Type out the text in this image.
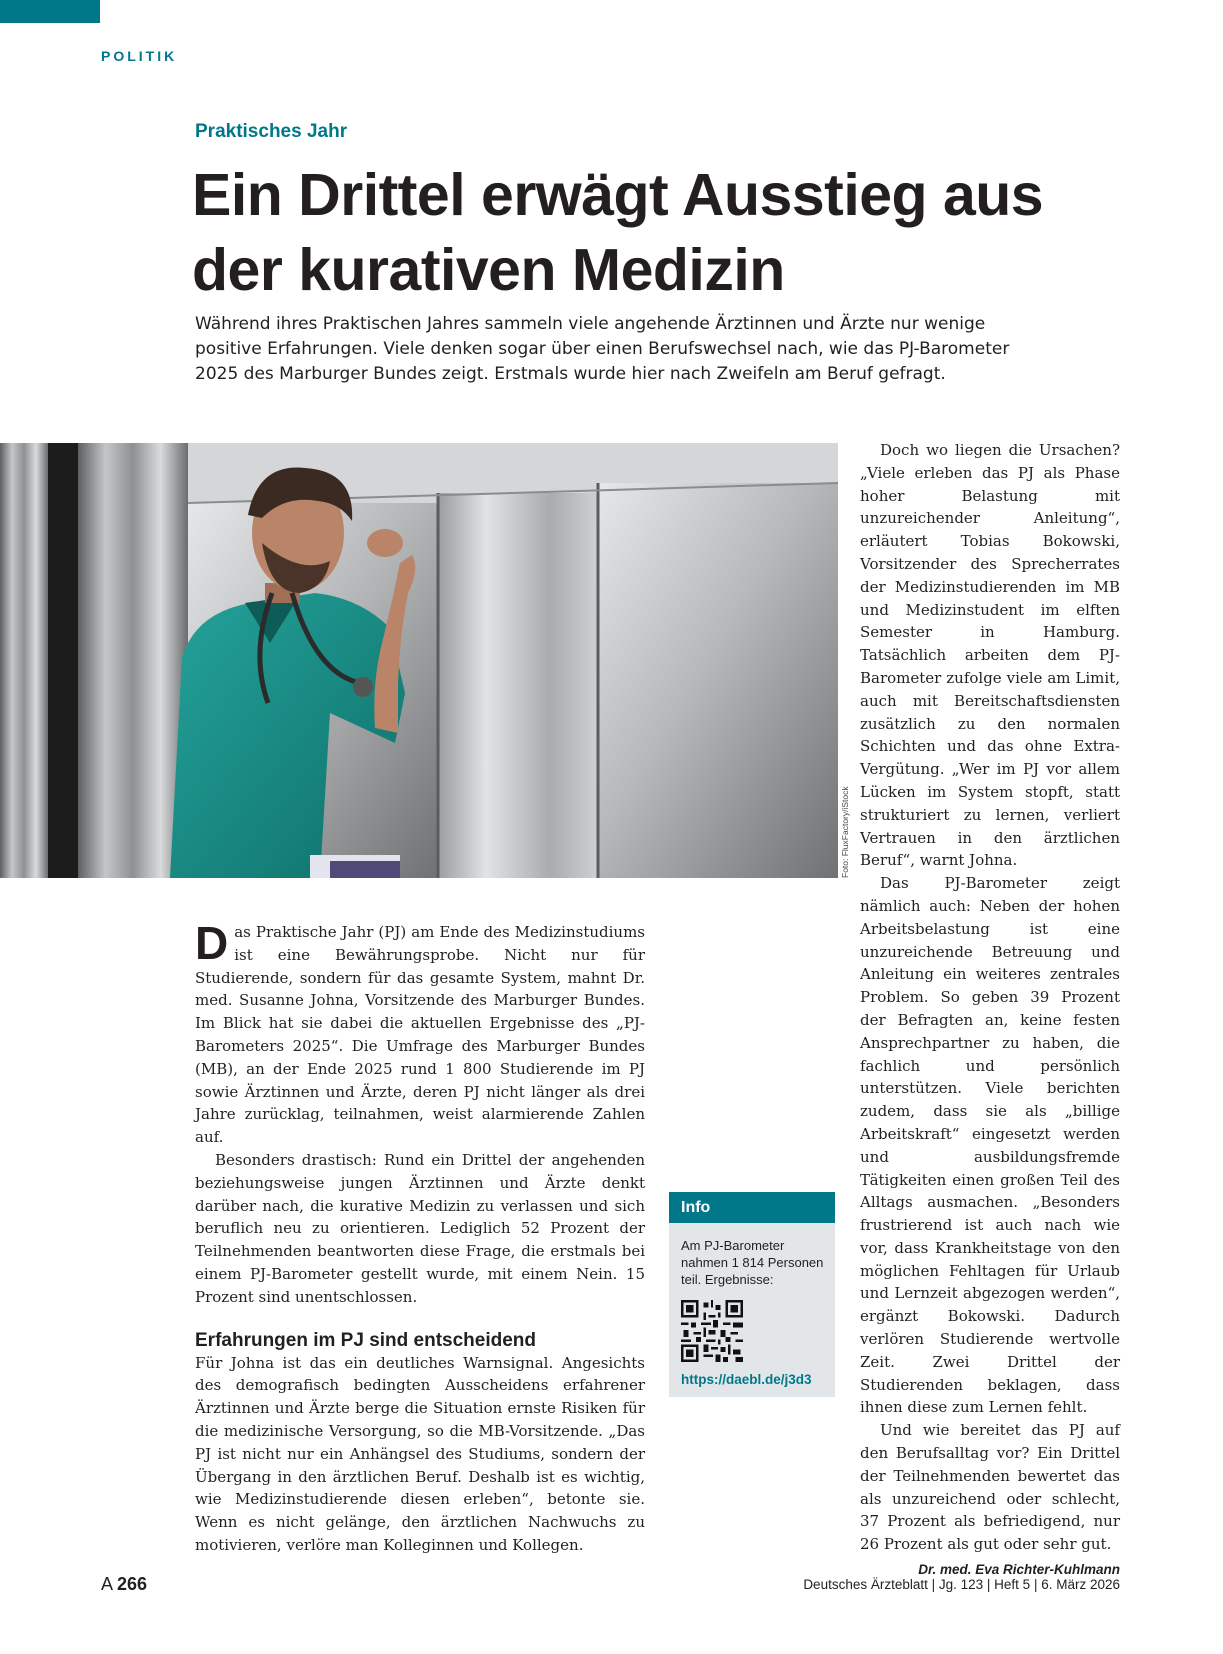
POLITIK
Praktisches Jahr
Ein Drittel erwägt Ausstieg aus
der kurativen Medizin

Während ihres Praktischen Jahres sammeln viele angehende Ärztinnen und Ärzte nur wenige positive Erfahrungen. Viele denken sogar über einen Berufswechsel nach, wie das PJ-Barometer 2025 des Marburger Bundes zeigt. Erstmals wurde hier nach Zweifeln am Beruf gefragt.

Foto: FluxFactory/iStock

Das Praktische Jahr (PJ) am Ende des Medizinstudiums ist eine Bewährungsprobe. Nicht nur für Studierende, sondern für das gesamte System, mahnt Dr. med. Susanne Johna, Vorsitzende des Marburger Bundes. Im Blick hat sie dabei die aktuellen Ergebnisse des „PJ-Barometers 2025“. Die Umfrage des Marburger Bundes (MB), an der Ende 2025 rund 1 800 Studierende im PJ sowie Ärztinnen und Ärzte, deren PJ nicht länger als drei Jahre zurücklag, teilnahmen, weist alarmierende Zahlen auf.

Besonders drastisch: Rund ein Drittel der angehenden beziehungsweise jungen Ärztinnen und Ärzte denkt darüber nach, die kurative Medizin zu verlassen und sich beruflich neu zu orientieren. Lediglich 52 Prozent der Teilnehmenden beantworten diese Frage, die erstmals bei einem PJ-Barometer gestellt wurde, mit einem Nein. 15 Prozent sind unentschlossen.

Erfahrungen im PJ sind entscheidend

Für Johna ist das ein deutliches Warnsignal. Angesichts des demografisch bedingten Ausscheidens erfahrener Ärztinnen und Ärzte berge die Situation ernste Risiken für die medizinische Versorgung, so die MB-Vorsitzende. „Das PJ ist nicht nur ein Anhängsel des Studiums, sondern der Übergang in den ärztlichen Beruf. Deshalb ist es wichtig, wie Medizinstudierende diesen erleben“, betonte sie. Wenn es nicht gelänge, den ärztlichen Nachwuchs zu motivieren, verlöre man Kolleginnen und Kollegen.

Info
Am PJ-Barometer nahmen 1 814 Personen teil. Ergebnisse:
https://daebl.de/j3d3

Doch wo liegen die Ursachen? „Viele erleben das PJ als Phase hoher Belastung mit unzureichender Anleitung“, erläutert Tobias Bokowski, Vorsitzender des Sprecherrates der Medizinstudierenden im MB und Medizinstudent im elften Semester in Hamburg. Tatsächlich arbeiten dem PJ-Barometer zufolge viele am Limit, auch mit Bereitschaftsdiensten zusätzlich zu den normalen Schichten und das ohne Extra-Vergütung. „Wer im PJ vor allem Lücken im System stopft, statt strukturiert zu lernen, verliert Vertrauen in den ärztlichen Beruf“, warnt Johna.

Das PJ-Barometer zeigt nämlich auch: Neben der hohen Arbeitsbelastung ist eine unzureichende Betreuung und Anleitung ein weiteres zentrales Problem. So geben 39 Prozent der Befragten an, keine festen Ansprechpartner zu haben, die fachlich und persönlich unterstützen. Viele berichten zudem, dass sie als „billige Arbeitskraft“ eingesetzt werden und ausbildungsfremde Tätigkeiten einen großen Teil des Alltags ausmachen. „Besonders frustrierend ist auch nach wie vor, dass Krankheitstage von den möglichen Fehltagen für Urlaub und Lernzeit abgezogen werden“, ergänzt Bokowski. Dadurch verlören Studierende wertvolle Zeit. Zwei Drittel der Studierenden beklagen, dass ihnen diese zum Lernen fehlt.

Und wie bereitet das PJ auf den Berufsalltag vor? Ein Drittel der Teilnehmenden bewertet das als unzureichend oder schlecht, 37 Prozent als befriedigend, nur 26 Prozent als gut oder sehr gut.

Dr. med. Eva Richter-Kuhlmann
A 266	Deutsches Ärzteblatt | Jg. 123 | Heft 5 | 6. März 2026
